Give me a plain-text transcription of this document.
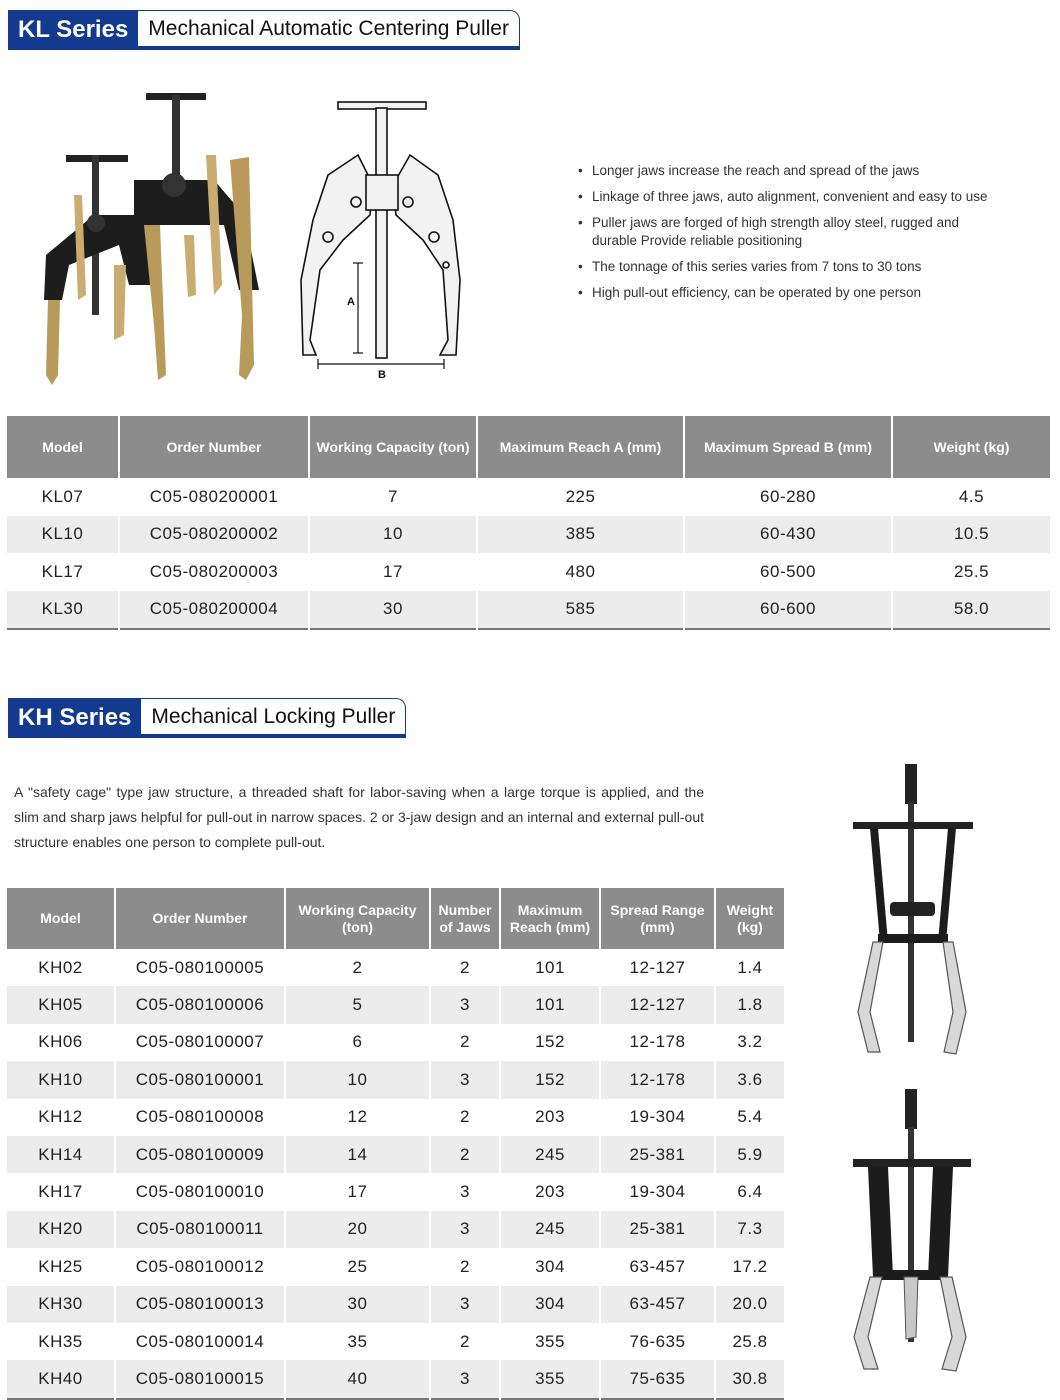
KL Series Mechanical Automatic Centering Puller
A
B
• Longer jaws increase the reach and spread of the jaws
• Linkage of three jaws, auto alignment, convenient and easy to use
• Puller jaws are forged of high strength alloy steel, rugged and durable Provide reliable positioning
• The tonnage of this series varies from 7 tons to 30 tons
• High pull-out efficiency, can be operated by one person
Model	Order Number	Working Capacity (ton)	Maximum Reach A (mm)	Maximum Spread B (mm)	Weight (kg)
KL07	C05-080200001	7	225	60-280	4.5
KL10	C05-080200002	10	385	60-430	10.5
KL17	C05-080200003	17	480	60-500	25.5
KL30	C05-080200004	30	585	60-600	58.0
KH Series Mechanical Locking Puller

A "safety cage" type jaw structure, a threaded shaft for labor-saving when a large torque is applied, and the slim and sharp jaws helpful for pull-out in narrow spaces. 2 or 3-jaw design and an internal and external pull-out structure enables one person to complete pull-out.

Model	Order Number	Working Capacity (ton)	Number of Jaws	Maximum Reach (mm)	Spread Range (mm)	Weight (kg)
KH02	C05-080100005	2	2	101	12-127	1.4
KH05	C05-080100006	5	3	101	12-127	1.8
KH06	C05-080100007	6	2	152	12-178	3.2
KH10	C05-080100001	10	3	152	12-178	3.6
KH12	C05-080100008	12	2	203	19-304	5.4
KH14	C05-080100009	14	2	245	25-381	5.9
KH17	C05-080100010	17	3	203	19-304	6.4
KH20	C05-080100011	20	3	245	25-381	7.3
KH25	C05-080100012	25	2	304	63-457	17.2
KH30	C05-080100013	30	3	304	63-457	20.0
KH35	C05-080100014	35	2	355	76-635	25.8
KH40	C05-080100015	40	3	355	75-635	30.8
